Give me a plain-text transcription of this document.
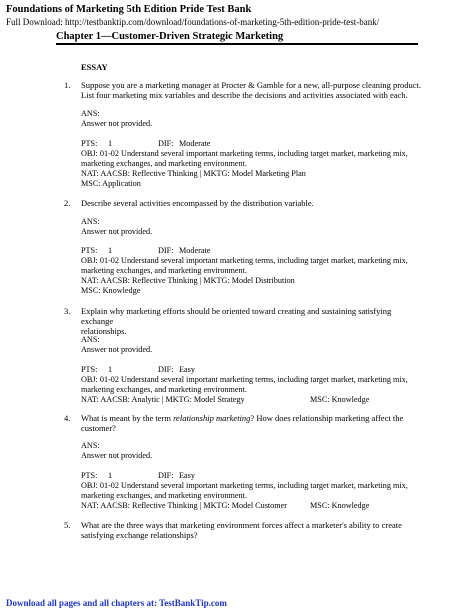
Foundations of Marketing 5th Edition Pride Test Bank
Full Download: http://testbanktip.com/download/foundations-of-marketing-5th-edition-pride-test-bank/
Chapter 1—Customer-Driven Strategic Marketing
ESSAY
1. Suppose you are a marketing manager at Procter & Gamble for a new, all-purpose cleaning product.
List four marketing mix variables and describe the decisions and activities associated with each.
ANS:
Answer not provided.
PTS: 1	DIF: Moderate
OBJ: 01-02 Understand several important marketing terms, including target market, marketing mix,
marketing exchanges, and marketing environment.
NAT: AACSB: Reflective Thinking | MKTG: Model Marketing Plan
MSC: Application
2. Describe several activities encompassed by the distribution variable.
ANS:
Answer not provided.
PTS: 1	DIF: Moderate
OBJ: 01-02 Understand several important marketing terms, including target market, marketing mix,
marketing exchanges, and marketing environment.
NAT: AACSB: Reflective Thinking | MKTG: Model Distribution
MSC: Knowledge
3. Explain why marketing efforts should be oriented toward creating and sustaining satisfying exchange
relationships.
ANS:
Answer not provided.
PTS: 1	DIF: Easy
OBJ: 01-02 Understand several important marketing terms, including target market, marketing mix,
marketing exchanges, and marketing environment.
NAT: AACSB: Analytic | MKTG: Model Strategy	MSC: Knowledge
4. What is meant by the term relationship marketing? How does relationship marketing affect the
customer?
ANS:
Answer not provided.
PTS: 1	DIF: Easy
OBJ: 01-02 Understand several important marketing terms, including target market, marketing mix,
marketing exchanges, and marketing environment.
NAT: AACSB: Reflective Thinking | MKTG: Model Customer	MSC: Knowledge
5. What are the three ways that marketing environment forces affect a marketer's ability to create
satisfying exchange relationships?
Download all pages and all chapters at: TestBankTip.com
